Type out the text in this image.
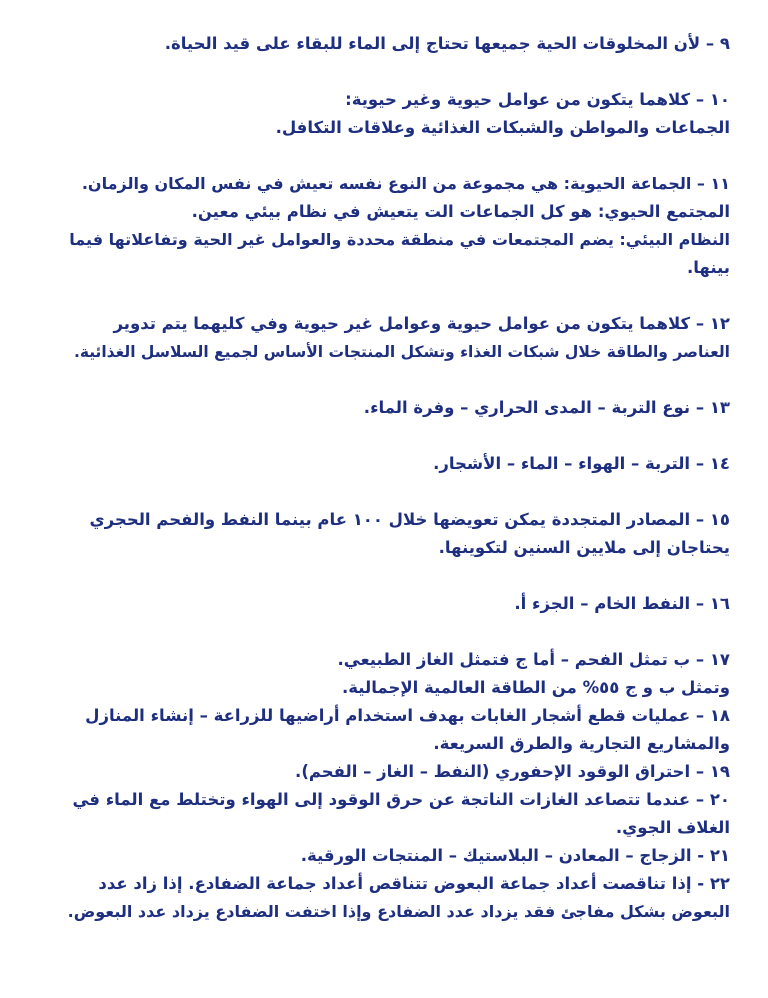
٩ – لأن المخلوقات الحية جميعها تحتاج إلى الماء للبقاء على قيد الحياة.
١٠ – كلاهما يتكون من عوامل حيوية وغير حيوية:
الجماعات والمواطن والشبكات الغذائية وعلاقات التكافل.
١١ – الجماعة الحيوية: هي مجموعة من النوع نفسه تعيش في نفس المكان والزمان.
المجتمع الحيوي: هو كل الجماعات الت يتعيش في نظام بيئي معين.
النظام البيئي: يضم المجتمعات في منطقة محددة والعوامل غير الحية وتفاعلاتها فيما
بينها.
١٢ – كلاهما يتكون من عوامل حيوية وعوامل غير حيوية وفي كليهما يتم تدوير
العناصر والطاقة خلال شبكات الغذاء وتشكل المنتجات الأساس لجميع السلاسل الغذائية.
١٣ – نوع التربة – المدى الحراري – وفرة الماء.
١٤ – التربة – الهواء – الماء – الأشجار.
١٥ – المصادر المتجددة يمكن تعويضها خلال ١٠٠ عام بينما النفط والفحم الحجري
يحتاجان إلى ملايين السنين لتكوينها.
١٦ – النفط الخام – الجزء أ.
١٧ – ب تمثل الفحم – أما ج فتمثل الغاز الطبيعي.
وتمثل ب و ج ٥٥% من الطاقة العالمية الإجمالية.
١٨ – عمليات قطع أشجار الغابات بهدف استخدام أراضيها للزراعة – إنشاء المنازل
والمشاريع التجارية والطرق السريعة.
١٩ – احتراق الوقود الإحفوري (النفط – الغاز – الفحم).
٢٠ – عندما تتصاعد الغازات الناتجة عن حرق الوقود إلى الهواء وتختلط مع الماء في
الغلاف الجوي.
٢١ - الزجاج – المعادن – البلاستيك – المنتجات الورقية.
٢٢ - إذا تناقصت أعداد جماعة البعوض تتناقص أعداد جماعة الضفادع. إذا زاد عدد
البعوض بشكل مفاجئ فقد يزداد عدد الضفادع وإذا اختفت الضفادع يزداد عدد البعوض.
